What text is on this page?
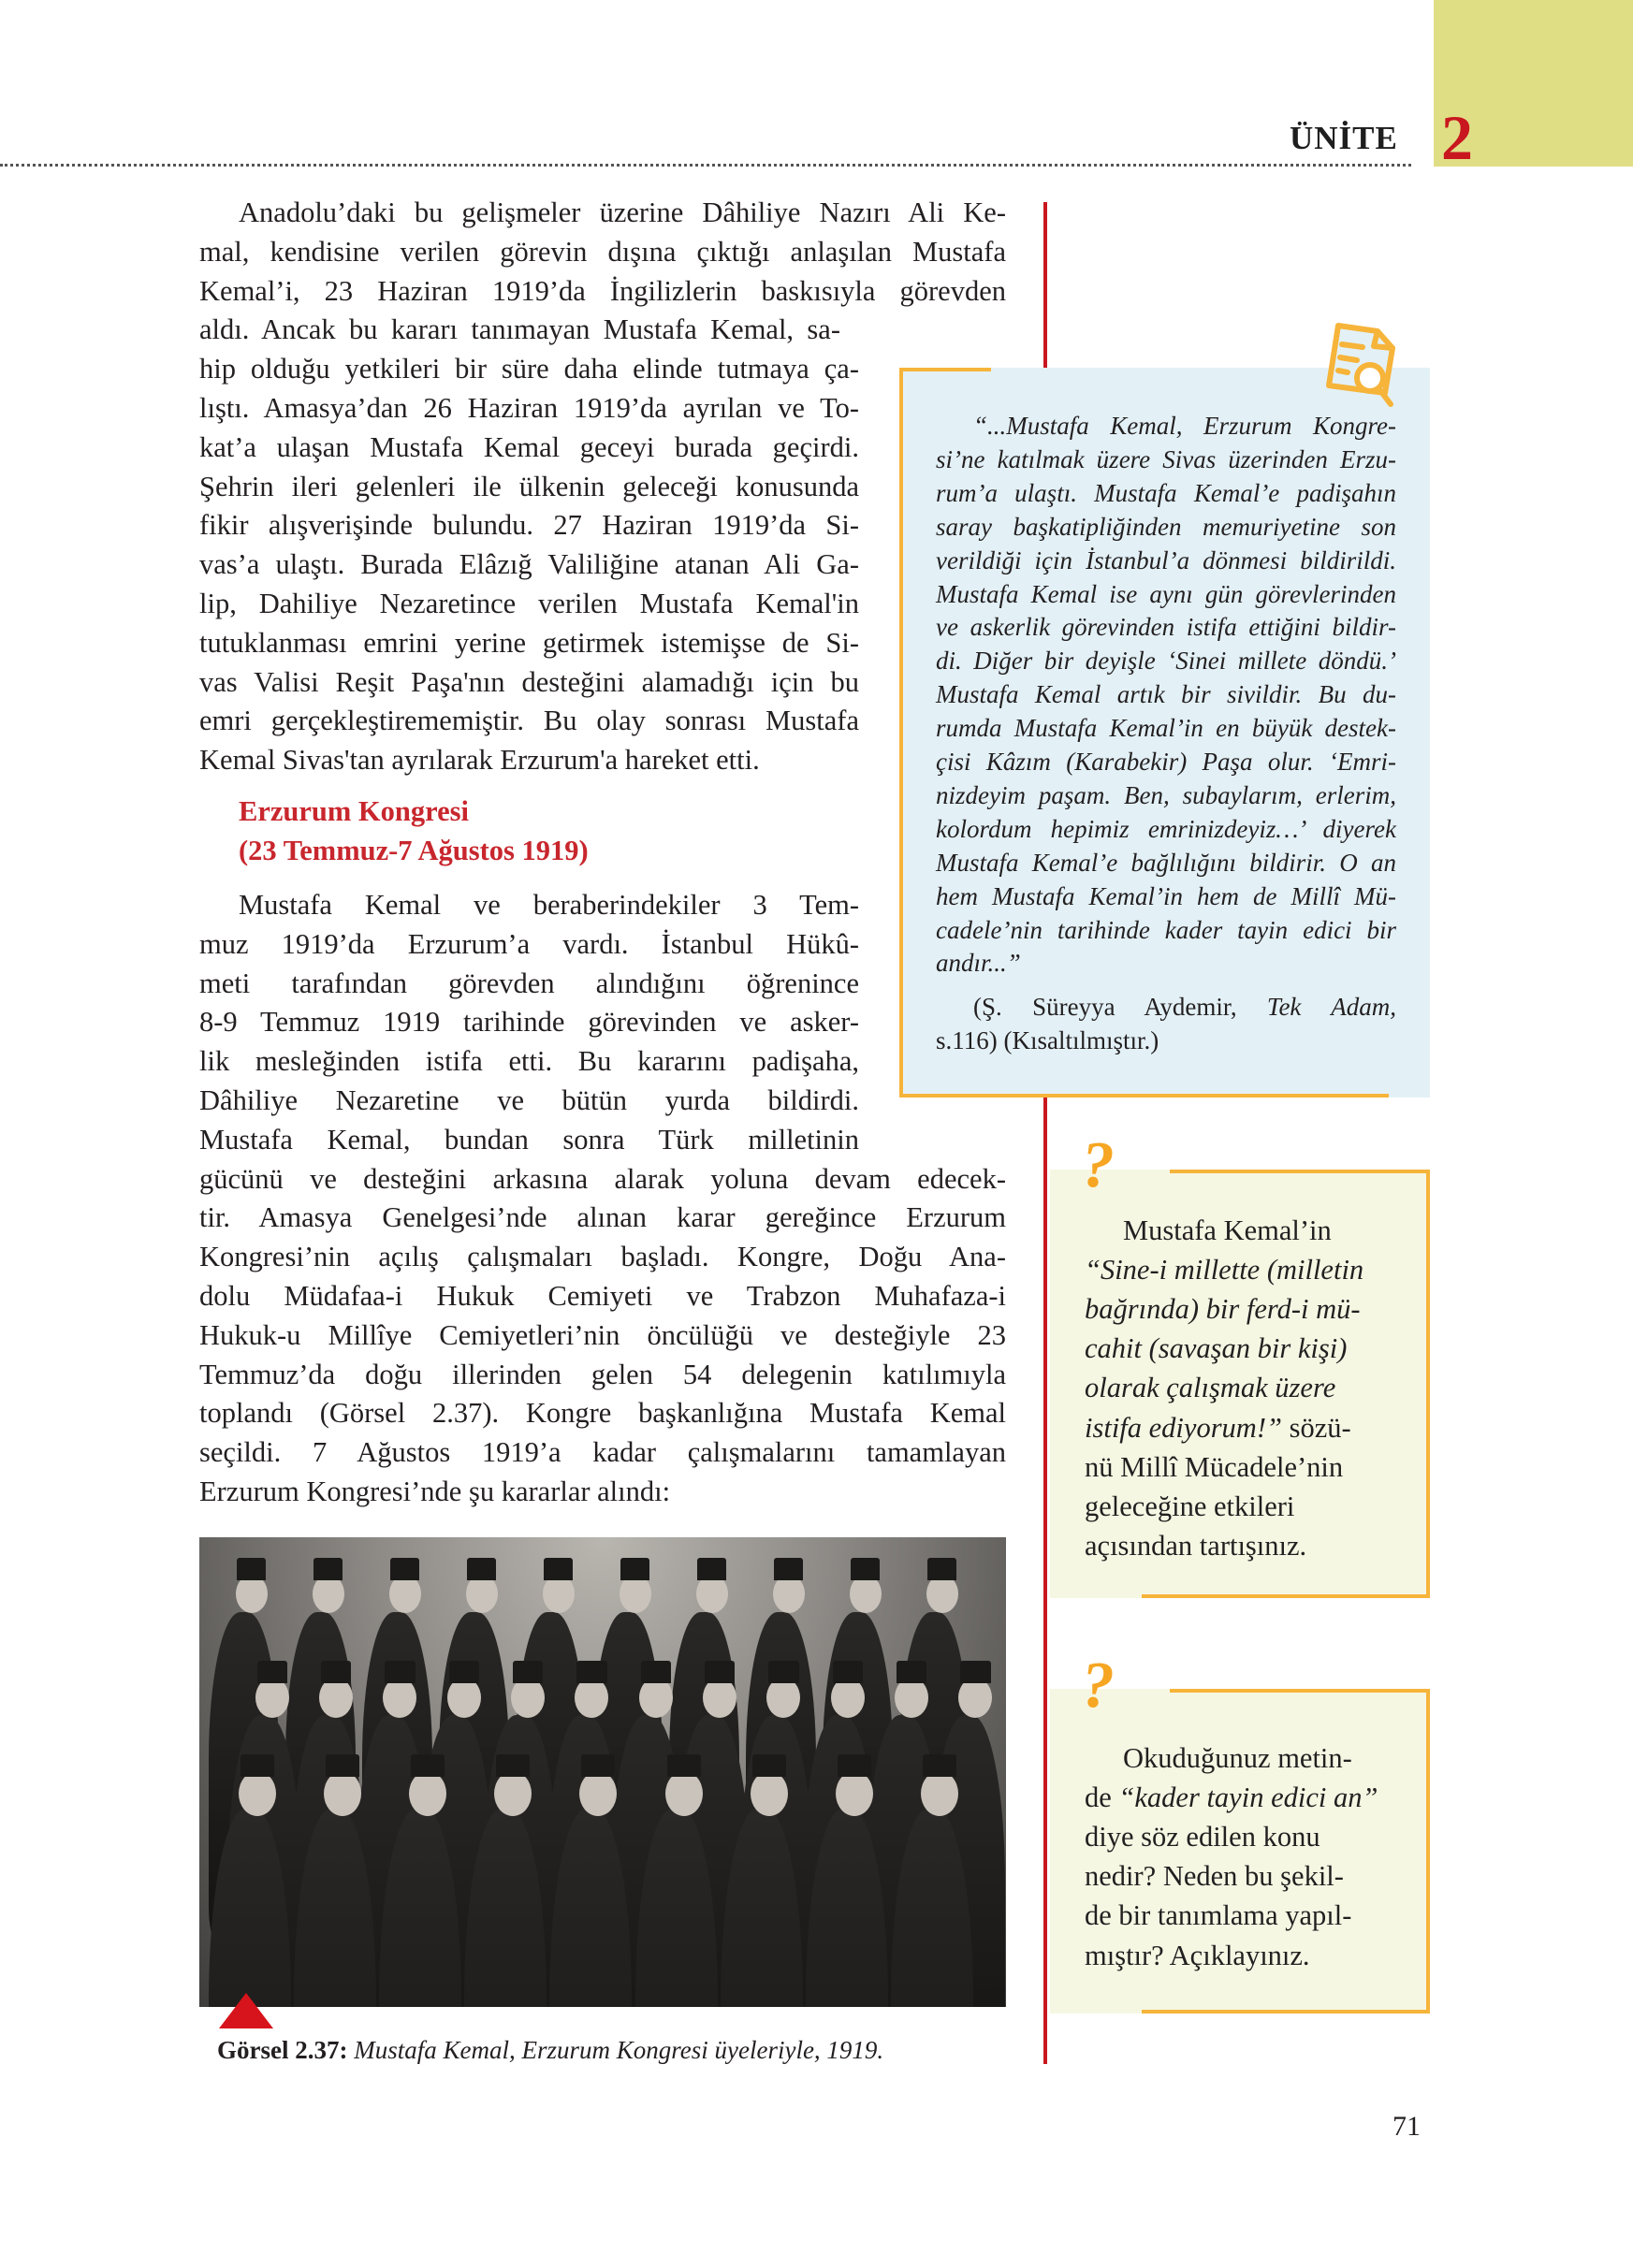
ÜNİTE 2
Anadolu’daki bu gelişmeler üzerine Dâhiliye Nazırı Ali Ke-
mal, kendisine verilen görevin dışına çıktığı anlaşılan Mustafa
Kemal’i, 23 Haziran 1919’da İngilizlerin baskısıyla görevden
aldı. Ancak bu kararı tanımayan Mustafa Kemal, sa-
hip olduğu yetkileri bir süre daha elinde tutmaya ça-
lıştı. Amasya’dan 26 Haziran 1919’da ayrılan ve To-
kat’a ulaşan Mustafa Kemal geceyi burada geçirdi.
Şehrin ileri gelenleri ile ülkenin geleceği konusunda
fikir alışverişinde bulundu. 27 Haziran 1919’da Si-
vas’a ulaştı. Burada Elâzığ Valiliğine atanan Ali Ga-
lip, Dahiliye Nezaretince verilen Mustafa Kemal'in
tutuklanması emrini yerine getirmek istemişse de Si-
vas Valisi Reşit Paşa'nın desteğini alamadığı için bu
emri gerçekleştirememiştir. Bu olay sonrası Mustafa
Kemal Sivas'tan ayrılarak Erzurum'a hareket etti.
Erzurum Kongresi
(23 Temmuz-7 Ağustos 1919)
Mustafa Kemal ve beraberindekiler 3 Tem-
muz 1919’da Erzurum’a vardı. İstanbul Hükû-
meti tarafından görevden alındığını öğrenince
8-9 Temmuz 1919 tarihinde görevinden ve asker-
lik mesleğinden istifa etti. Bu kararını padişaha,
Dâhiliye Nezaretine ve bütün yurda bildirdi.
Mustafa Kemal, bundan sonra Türk milletinin
gücünü ve desteğini arkasına alarak yoluna devam edecek-
tir. Amasya Genelgesi’nde alınan karar gereğince Erzurum
Kongresi’nin açılış çalışmaları başladı. Kongre, Doğu Ana-
dolu Müdafaa-i Hukuk Cemiyeti ve Trabzon Muhafaza-i
Hukuk-u Millîye Cemiyetleri’nin öncülüğü ve desteğiyle 23
Temmuz’da doğu illerinden gelen 54 delegenin katılımıyla
toplandı (Görsel 2.37). Kongre başkanlığına Mustafa Kemal
seçildi. 7 Ağustos 1919’a kadar çalışmalarını tamamlayan
Erzurum Kongresi’nde şu kararlar alındı:
“...Mustafa Kemal, Erzurum Kongre-
si’ne katılmak üzere Sivas üzerinden Erzu-
rum’a ulaştı. Mustafa Kemal’e padişahın
saray başkatipliğinden memuriyetine son
verildiği için İstanbul’a dönmesi bildirildi.
Mustafa Kemal ise aynı gün görevlerinden
ve askerlik görevinden istifa ettiğini bildir-
di. Diğer bir deyişle ‘Sinei millete döndü.’
Mustafa Kemal artık bir sivildir. Bu du-
rumda Mustafa Kemal’in en büyük destek-
çisi Kâzım (Karabekir) Paşa olur. ‘Emri-
nizdeyim paşam. Ben, subaylarım, erlerim,
kolordum hepimiz emrinizdeyiz…’ diyerek
Mustafa Kemal’e bağlılığını bildirir. O an
hem Mustafa Kemal’in hem de Millî Mü-
cadele’nin tarihinde kader tayin edici bir
andır...”
(Ş. Süreyya Aydemir, Tek Adam,
s.116) (Kısaltılmıştır.)
?
Mustafa Kemal’in
“Sine-i millette (milletin
bağrında) bir ferd-i mü-
cahit (savaşan bir kişi)
olarak çalışmak üzere
istifa ediyorum!” sözü-
nü Millî Mücadele’nin
geleceğine etkileri
açısından tartışınız.
?
Okuduğunuz metin-
de “kader tayin edici an”
diye söz edilen konu
nedir? Neden bu şekil-
de bir tanımlama yapıl-
mıştır? Açıklayınız.
Görsel 2.37: Mustafa Kemal, Erzurum Kongresi üyeleriyle, 1919.
71
